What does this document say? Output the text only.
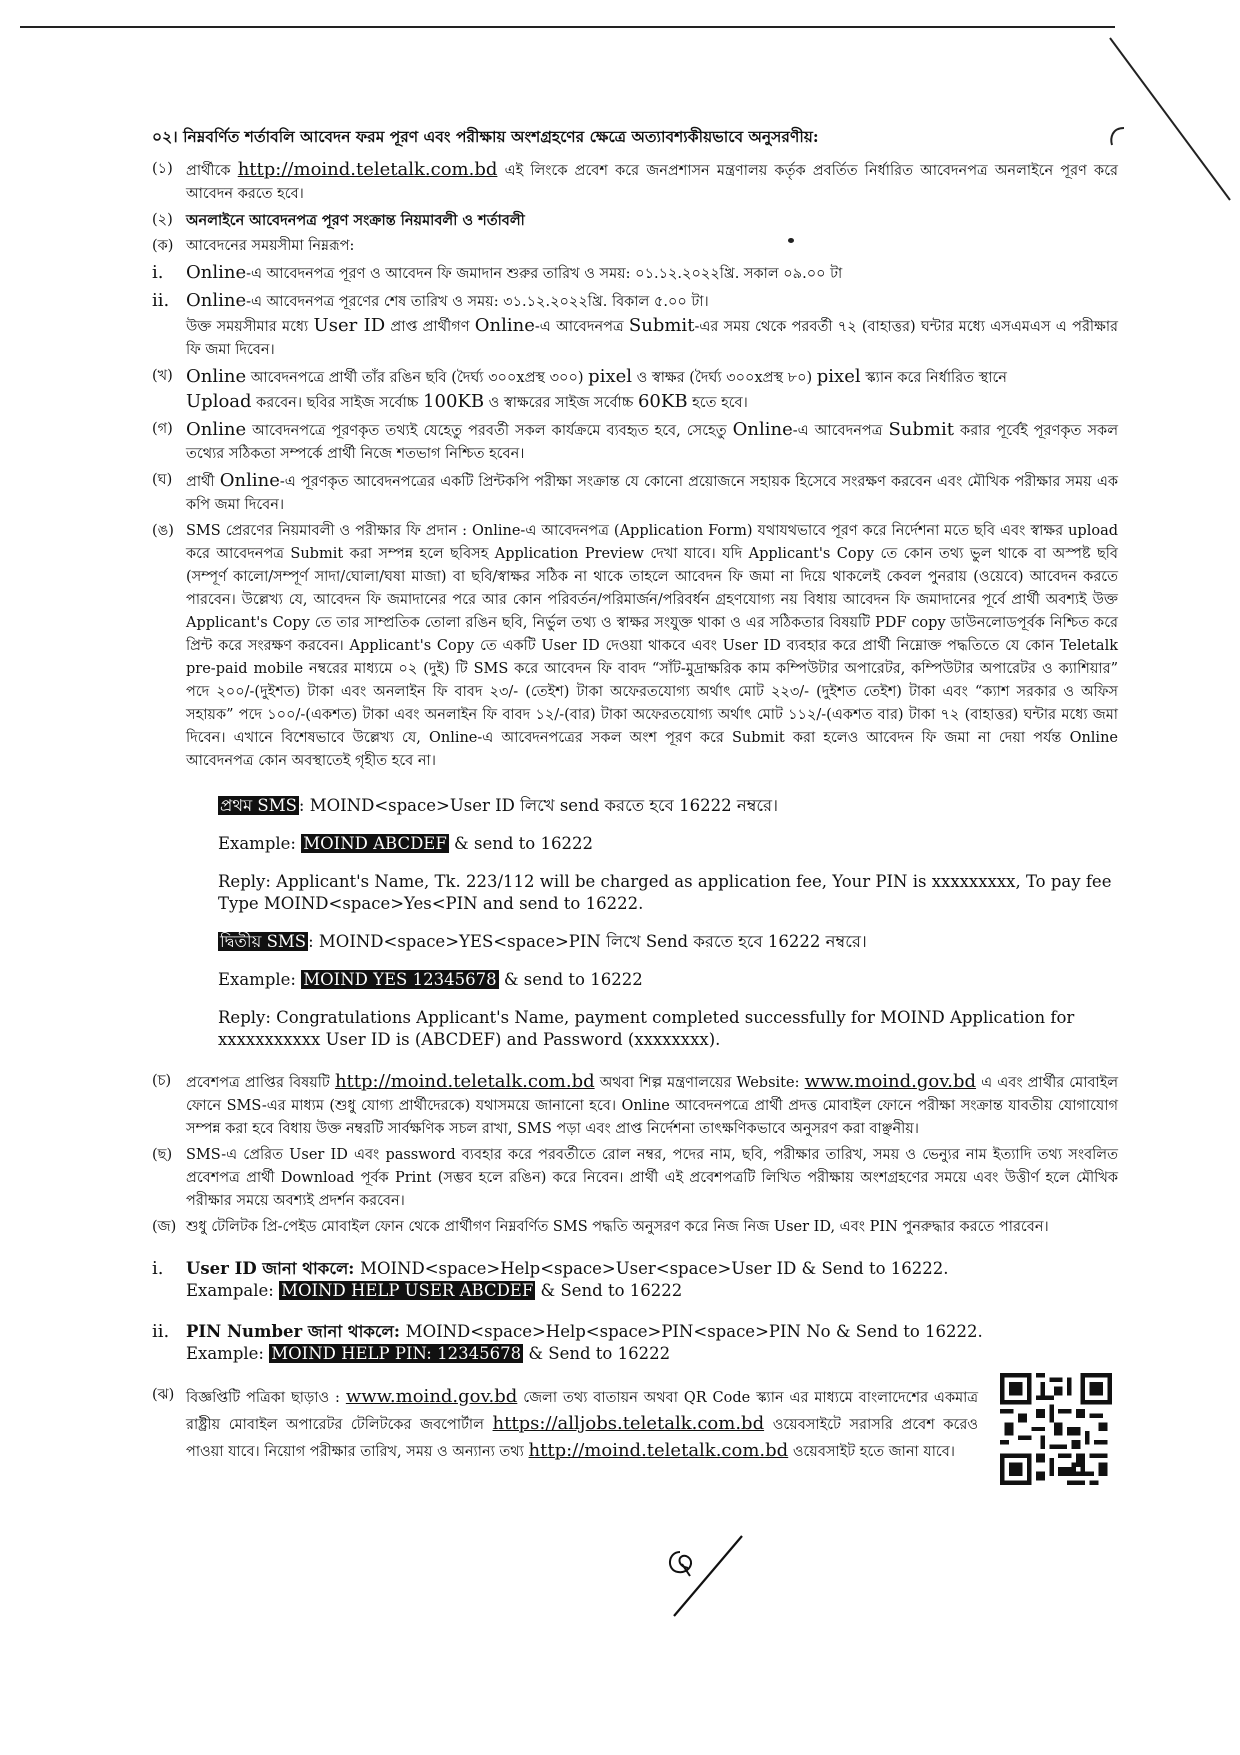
০২। নিম্নবর্ণিত শর্তাবলি আবেদন ফরম পূরণ এবং পরীক্ষায় অংশগ্রহণের ক্ষেত্রে অত্যাবশ্যকীয়ভাবে অনুসরণীয়:
(১) প্রার্থীকে http://moind.teletalk.com.bd এই লিংকে প্রবেশ করে জনপ্রশাসন মন্ত্রণালয় কর্তৃক প্রবর্তিত নির্ধারিত আবেদনপত্র অনলাইনে পূরণ করে আবেদন করতে হবে।
(২) অনলাইনে আবেদনপত্র পূরণ সংক্রান্ত নিয়মাবলী ও শর্তাবলী
(ক) আবেদনের সময়সীমা নিম্নরূপ:
i.	Online-এ আবেদনপত্র পূরণ ও আবেদন ফি জমাদান শুরুর তারিখ ও সময়: ০১.১২.২০২২খ্রি. সকাল ০৯.০০ টা
ii. Online-এ আবেদনপত্র পূরণের শেষ তারিখ ও সময়: ৩১.১২.২০২২খ্রি. বিকাল ৫.০০ টা।
উক্ত সময়সীমার মধ্যে User ID প্রাপ্ত প্রার্থীগণ Online-এ আবেদনপত্র Submit-এর সময় থেকে পরবর্তী ৭২ (বাহাত্তর) ঘন্টার মধ্যে এসএমএস এ পরীক্ষার ফি জমা দিবেন।
(খ) Online আবেদনপত্রে প্রার্থী তাঁর রঙিন ছবি (দৈর্ঘ্য ৩০০xপ্রস্থ ৩০০) pixel ও স্বাক্ষর (দৈর্ঘ্য ৩০০xপ্রস্থ ৮০) pixel স্ক্যান করে নির্ধারিত স্থানে
Upload করবেন। ছবির সাইজ সর্বোচ্চ 100KB ও স্বাক্ষরের সাইজ সর্বোচ্চ 60KB হতে হবে।
(গ) Online আবেদনপত্রে পূরণকৃত তথ্যই যেহেতু পরবর্তী সকল কার্যক্রমে ব্যবহৃত হবে, সেহেতু Online-এ আবেদনপত্র Submit করার পূর্বেই পূরণকৃত সকল তথ্যের সঠিকতা সম্পর্কে প্রার্থী নিজে শতভাগ নিশ্চিত হবেন।
(ঘ) প্রার্থী Online-এ পূরণকৃত আবেদনপত্রের একটি প্রিন্টকপি পরীক্ষা সংক্রান্ত যে কোনো প্রয়োজনে সহায়ক হিসেবে সংরক্ষণ করবেন এবং মৌখিক পরীক্ষার সময় এক কপি জমা দিবেন।
(ঙ) SMS প্রেরণের নিয়মাবলী ও পরীক্ষার ফি প্রদান : Online-এ আবেদনপত্র (Application Form) যথাযথভাবে পূরণ করে নির্দেশনা মতে ছবি এবং স্বাক্ষর upload করে আবেদনপত্র Submit করা সম্পন্ন হলে ছবিসহ Application Preview দেখা যাবে। যদি Applicant's Copy তে কোন তথ্য ভুল থাকে বা অস্পষ্ট ছবি (সম্পূর্ণ কালো/সম্পূর্ণ সাদা/ঘোলা/ঘষা মাজা) বা ছবি/স্বাক্ষর সঠিক না থাকে তাহলে আবেদন ফি জমা না দিয়ে থাকলেই কেবল পুনরায় (ওয়েবে) আবেদন করতে পারবেন। উল্লেখ্য যে, আবেদন ফি জমাদানের পরে আর কোন পরিবর্তন/পরিমার্জন/পরিবর্ধন গ্রহণযোগ্য নয় বিধায় আবেদন ফি জমাদানের পূর্বে প্রার্থী অবশ্যই উক্ত Applicant's Copy তে তার সাম্প্রতিক তোলা রঙিন ছবি, নির্ভুল তথ্য ও স্বাক্ষর সংযুক্ত থাকা ও এর সঠিকতার বিষয়টি PDF copy ডাউনলোডপূর্বক নিশ্চিত করে প্রিন্ট করে সংরক্ষণ করবেন। Applicant's Copy তে একটি User ID দেওয়া থাকবে এবং User ID ব্যবহার করে প্রার্থী নিম্নোক্ত পদ্ধতিতে যে কোন Teletalk pre-paid mobile নম্বরের মাধ্যমে ০২ (দুই) টি SMS করে আবেদন ফি বাবদ “সাঁট-মুদ্রাক্ষরিক কাম কম্পিউটার অপারেটর, কম্পিউটার অপারেটর ও ক্যাশিয়ার” পদে ২০০/-(দুইশত) টাকা এবং অনলাইন ফি বাবদ ২৩/- (তেইশ) টাকা অফেরতযোগ্য অর্থাৎ মোট ২২৩/- (দুইশত তেইশ) টাকা এবং “ক্যাশ সরকার ও অফিস সহায়ক” পদে ১০০/-(একশত) টাকা এবং অনলাইন ফি বাবদ ১২/-(বার) টাকা অফেরতযোগ্য অর্থাৎ মোট ১১২/-(একশত বার) টাকা ৭২ (বাহাত্তর) ঘন্টার মধ্যে জমা দিবেন। এখানে বিশেষভাবে উল্লেখ্য যে, Online-এ আবেদনপত্রের সকল অংশ পূরণ করে Submit করা হলেও আবেদন ফি জমা না দেয়া পর্যন্ত Online আবেদনপত্র কোন অবস্থাতেই গৃহীত হবে না।

প্রথম SMS : MOIND<space>User ID লিখে send করতে হবে 16222 নম্বরে।

Example: MOIND ABCDEF & send to 16222

Reply: Applicant's Name, Tk. 223/112 will be charged as application fee, Your PIN is xxxxxxxxx, To pay fee Type MOIND<space>Yes<PIN and send to 16222.

দ্বিতীয় SMS : MOIND<space>YES<space>PIN লিখে Send করতে হবে 16222 নম্বরে।

Example: MOIND YES 12345678 & send to 16222

Reply: Congratulations Applicant's Name, payment completed successfully for MOIND Application for xxxxxxxxxxx User ID is (ABCDEF) and Password (xxxxxxxx).

(চ)	প্রবেশপত্র প্রাপ্তির বিষয়টি http://moind.teletalk.com.bd অথবা শিল্প মন্ত্রণালয়ের Website: www.moind.gov.bd এ এবং প্রার্থীর মোবাইল ফোনে SMS-এর মাধ্যম (শুধু যোগ্য প্রার্থীদেরকে) যথাসময়ে জানানো হবে। Online আবেদনপত্রে প্রার্থী প্রদত্ত মোবাইল ফোনে পরীক্ষা সংক্রান্ত যাবতীয় যোগাযোগ সম্পন্ন করা হবে বিধায় উক্ত নম্বরটি সার্বক্ষণিক সচল রাখা, SMS পড়া এবং প্রাপ্ত নির্দেশনা তাৎক্ষণিকভাবে অনুসরণ করা বাঞ্ছনীয়।
(ছ) SMS-এ প্রেরিত User ID এবং password ব্যবহার করে পরবর্তীতে রোল নম্বর, পদের নাম, ছবি, পরীক্ষার তারিখ, সময় ও ভেন্যুর নাম ইত্যাদি তথ্য সংবলিত প্রবেশপত্র প্রার্থী Download পূর্বক Print (সম্ভব হলে রঙিন) করে নিবেন। প্রার্থী এই প্রবেশপত্রটি লিখিত পরীক্ষায় অংশগ্রহণের সময়ে এবং উত্তীর্ণ হলে মৌখিক পরীক্ষার সময়ে অবশ্যই প্রদর্শন করবেন।
(জ) শুধু টেলিটক প্রি-পেইড মোবাইল ফোন থেকে প্রার্থীগণ নিম্নবর্ণিত SMS পদ্ধতি অনুসরণ করে নিজ নিজ User ID, এবং PIN পুনরুদ্ধার করতে পারবেন।
i.	User ID জানা থাকলে: MOIND<space>Help<space>User<space>User ID & Send to 16222.
Exampale: MOIND HELP USER ABCDEF & Send to 16222
ii.	PIN Number জানা থাকলে: MOIND<space>Help<space>PIN<space>PIN No & Send to 16222.
Example: MOIND HELP PIN: 12345678 & Send to 16222
(ঝ) বিজ্ঞপ্তিটি পত্রিকা ছাড়াও : www.moind.gov.bd জেলা তথ্য বাতায়ন অথবা QR Code স্ক্যান এর মাধ্যমে বাংলাদেশের একমাত্র রাষ্ট্রীয় মোবাইল অপারেটর টেলিটকের জবপোর্টাল https://alljobs.teletalk.com.bd ওয়েবসাইটে সরাসরি প্রবেশ করেও পাওয়া যাবে। নিয়োগ পরীক্ষার তারিখ, সময় ও অন্যান্য তথ্য http://moind.teletalk.com.bd ওয়েবসাইট হতে জানা যাবে।
